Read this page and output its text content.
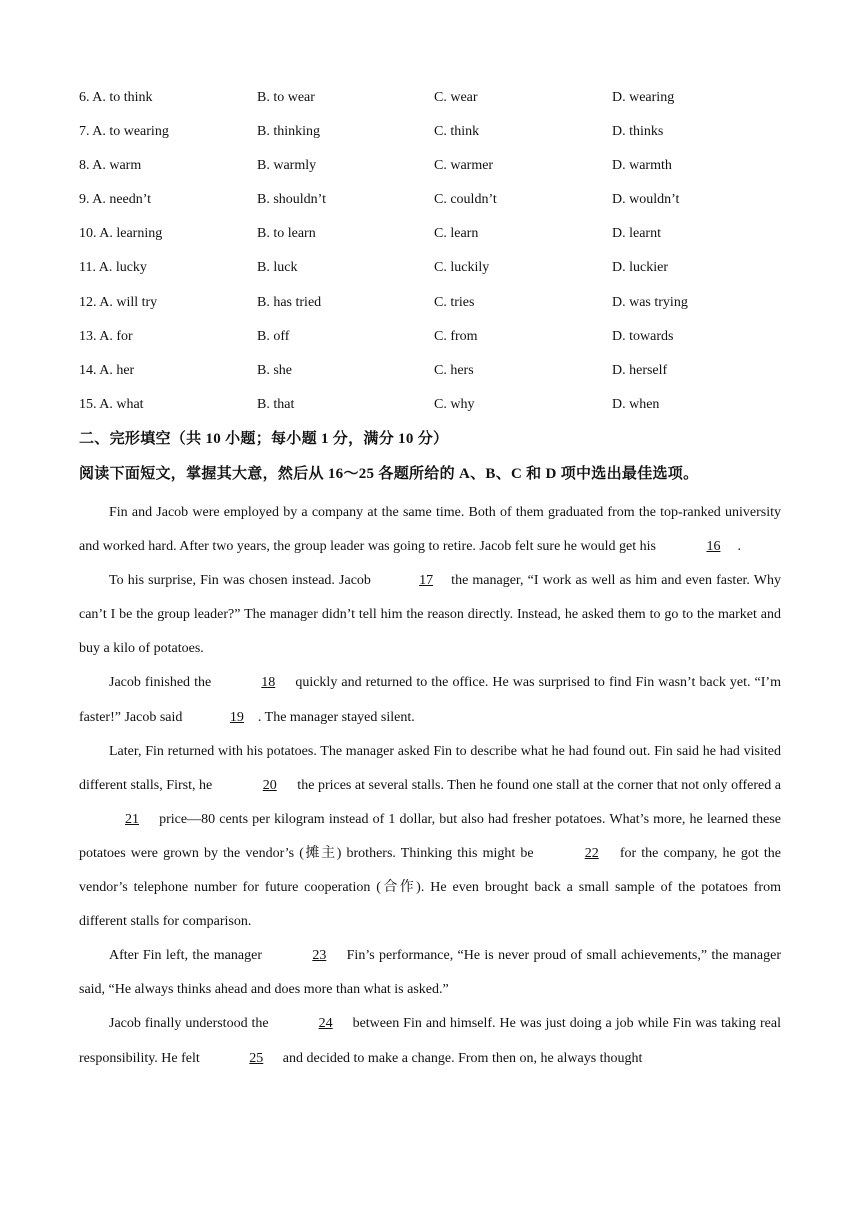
6. A. to think	B. to wear	C. wear	D. wearing
7. A. to wearing	B. thinking	C. think	D. thinks
8. A. warm	B. warmly	C. warmer	D. warmth
9. A. needn’t	B. shouldn’t	C. couldn’t	D. wouldn’t
10. A. learning	B. to learn	C. learn	D. learnt
11. A. lucky	B. luck	C. luckily	D. luckier
12. A. will try	B. has tried	C. tries	D. was trying
13. A. for	B. off	C. from	D. towards
14. A. her	B. she	C. hers	D. herself
15. A. what	B. that	C. why	D. when
二、完形填空（共 10 小题；每小题 1 分，满分 10 分）
阅读下面短文，掌握其大意，然后从 16～25 各题所给的 A、B、C 和 D 项中选出最佳选项。

Fin and Jacob were employed by a company at the same time. Both of them graduated from the top-ranked university and worked hard. After two years, the group leader was going to retire. Jacob felt sure he would get his	16 .

To his surprise, Fin was chosen instead. Jacob	17 the manager, “I work as well as him and even faster. Why can’t I be the group leader?” The manager didn’t tell him the reason directly. Instead, he asked them to go to the market and buy a kilo of potatoes.

Jacob finished the	18 quickly and returned to the office. He was surprised to find Fin wasn’t back yet. “I’m faster!” Jacob said	19 . The manager stayed silent.

Later, Fin returned with his potatoes. The manager asked Fin to describe what he had found out. Fin said he had visited different stalls, First, he	20 the prices at several stalls. Then he found one stall at the corner that not only offered a 21 price—80 cents per kilogram instead of 1 dollar, but also had fresher potatoes. What’s more, he learned these potatoes were grown by the vendor’s (摊主) brothers. Thinking this might be	22 for the company, he got the vendor’s telephone number for future cooperation (合作). He even brought back a small sample of the potatoes from different stalls for comparison.

After Fin left, the manager	23 Fin’s performance, “He is never proud of small achievements,” the manager said, “He always thinks ahead and does more than what is asked.”

Jacob finally understood the	24 between Fin and himself. He was just doing a job while Fin was taking real responsibility. He felt	25 and decided to make a change. From then on, he always thought
